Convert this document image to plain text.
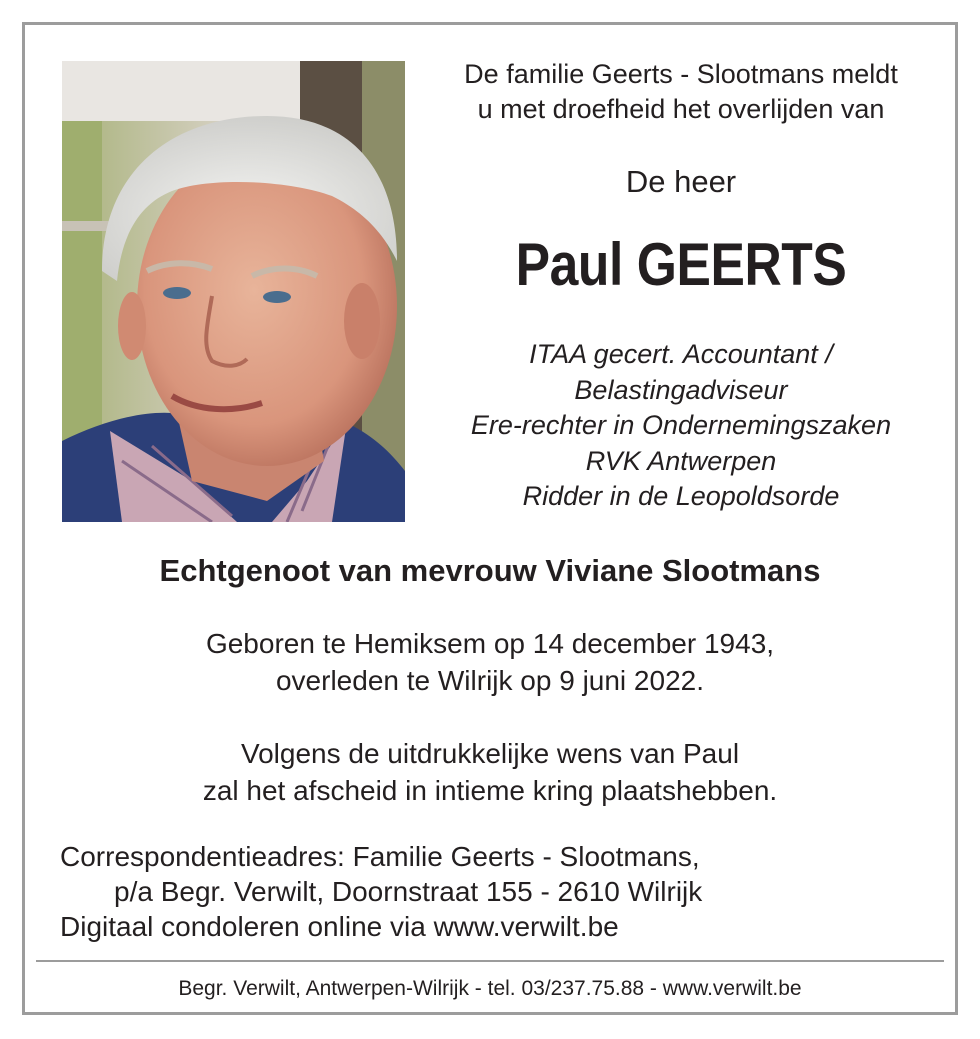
De familie Geerts - Slootmans meldt
u met droefheid het overlijden van
De heer
Paul GEERTS
ITAA gecert. Accountant /
Belastingadviseur
Ere-rechter in Ondernemingszaken
RVK Antwerpen
Ridder in de Leopoldsorde
Echtgenoot van mevrouw Viviane Slootmans
Geboren te Hemiksem op 14 december 1943,
overleden te Wilrijk op 9 juni 2022.
Volgens de uitdrukkelijke wens van Paul
zal het afscheid in intieme kring plaatshebben.
Correspondentieadres: Familie Geerts - Slootmans,
p/a Begr. Verwilt, Doornstraat 155 - 2610 Wilrijk
Digitaal condoleren online via www.verwilt.be
Begr. Verwilt, Antwerpen-Wilrijk - tel. 03/237.75.88 - www.verwilt.be
